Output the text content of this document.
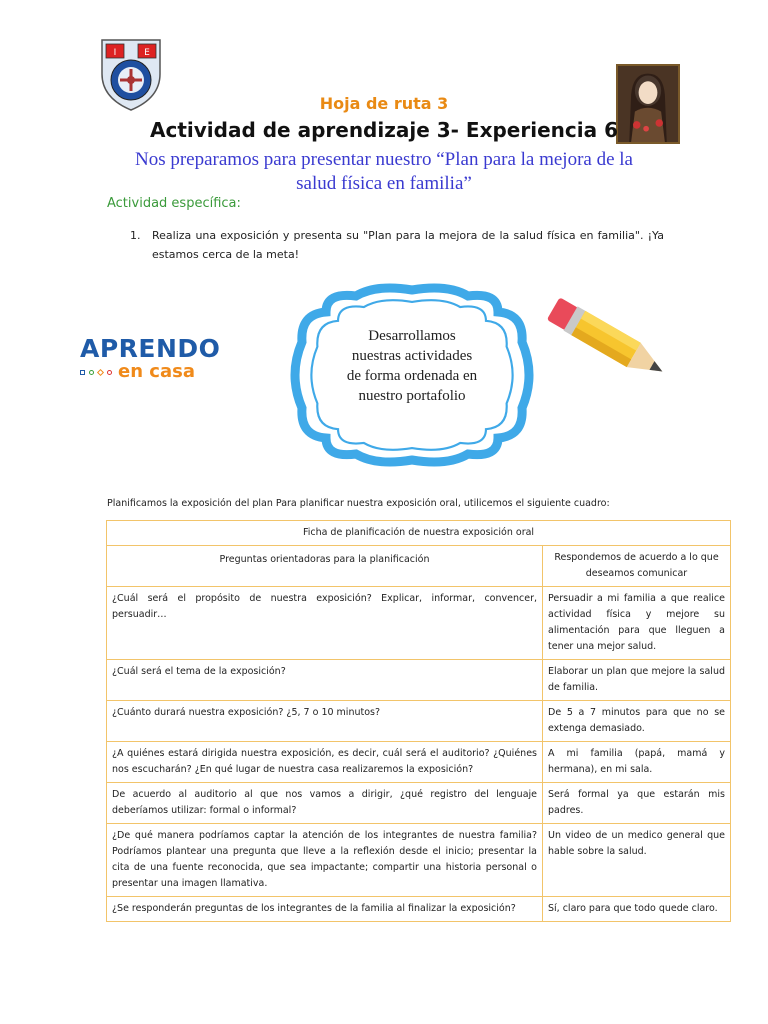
I	E
Hoja de ruta 3
Actividad de aprendizaje 3- Experiencia 6
Nos preparamos para presentar nuestro “Plan para la mejora de la
salud física en familia”
Actividad específica:
1.	Realiza una exposición y presenta su "Plan para la mejora de la salud física en familia". ¡Ya estamos cerca de la meta!
APRENDO
en casa
Desarrollamos
nuestras actividades
de forma ordenada en
nuestro portafolio
Planificamos la exposición del plan Para planificar nuestra exposición oral, utilicemos el siguiente cuadro:
Ficha de planificación de nuestra exposición oral	
Preguntas orientadoras para la planificación	Respondemos de acuerdo a lo que deseamos comunicar
¿Cuál será el propósito de nuestra exposición? Explicar, informar, convencer, persuadir…	Persuadir a mi familia a que realice actividad física y mejore su alimentación para que lleguen a tener una mejor salud.
¿Cuál será el tema de la exposición?	Elaborar un plan que mejore la salud de familia.
¿Cuánto durará nuestra exposición? ¿5, 7 o 10 minutos?	De 5 a 7 minutos para que no se extenga demasiado.
¿A quiénes estará dirigida nuestra exposición, es decir, cuál será el auditorio? ¿Quiénes nos escucharán? ¿En qué lugar de nuestra casa realizaremos la exposición?	A mi familia (papá, mamá y hermana), en mi sala.
De acuerdo al auditorio al que nos vamos a dirigir, ¿qué registro del lenguaje deberíamos utilizar: formal o informal?	Será formal ya que estarán mis padres.
¿De qué manera podríamos captar la atención de los integrantes de nuestra familia? Podríamos plantear una pregunta que lleve a la reflexión desde el inicio; presentar la cita de una fuente reconocida, que sea impactante; compartir una historia personal o presentar una imagen llamativa.	Un video de un medico general que hable sobre la salud.
¿Se responderán preguntas de los integrantes de la familia al finalizar la exposición?	Sí, claro para que todo quede claro.
